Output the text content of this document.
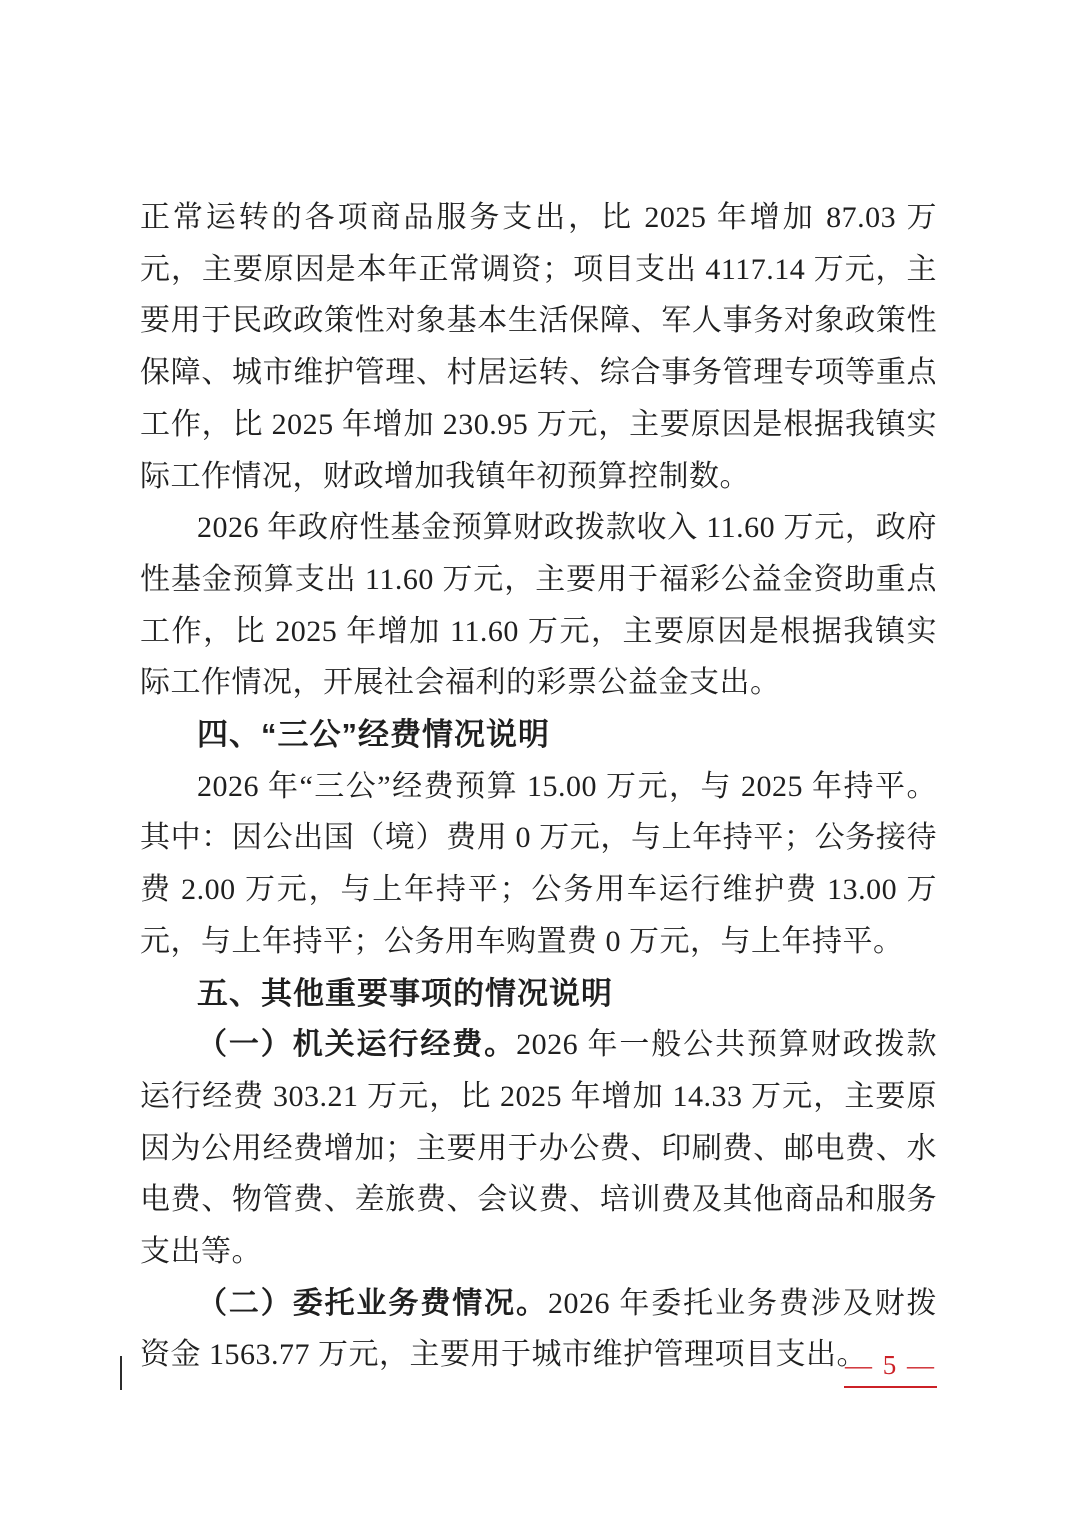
正常运转的各项商品服务支出，比 2025 年增加 87.03 万元，主要原因是本年正常调资；项目支出 4117.14 万元，主要用于民政政策性对象基本生活保障、军人事务对象政策性保障、城市维护管理、村居运转、综合事务管理专项等重点工作，比 2025 年增加 230.95 万元，主要原因是根据我镇实际工作情况，财政增加我镇年初预算控制数。

2026 年政府性基金预算财政拨款收入 11.60 万元，政府性基金预算支出 11.60 万元，主要用于福彩公益金资助重点工作，比 2025 年增加 11.60 万元，主要原因是根据我镇实际工作情况，开展社会福利的彩票公益金支出。

四、“三公”经费情况说明

2026 年“三公”经费预算 15.00 万元，与 2025 年持平。其中：因公出国（境）费用 0 万元，与上年持平；公务接待费 2.00 万元，与上年持平；公务用车运行维护费 13.00 万元，与上年持平；公务用车购置费 0 万元，与上年持平。

五、其他重要事项的情况说明

（一）机关运行经费。2026 年一般公共预算财政拨款运行经费 303.21 万元，比 2025 年增加 14.33 万元，主要原因为公用经费增加；主要用于办公费、印刷费、邮电费、水电费、物管费、差旅费、会议费、培训费及其他商品和服务支出等。

（二）委托业务费情况。2026 年委托业务费涉及财拨资金 1563.77 万元，主要用于城市维护管理项目支出。

— 5 —
